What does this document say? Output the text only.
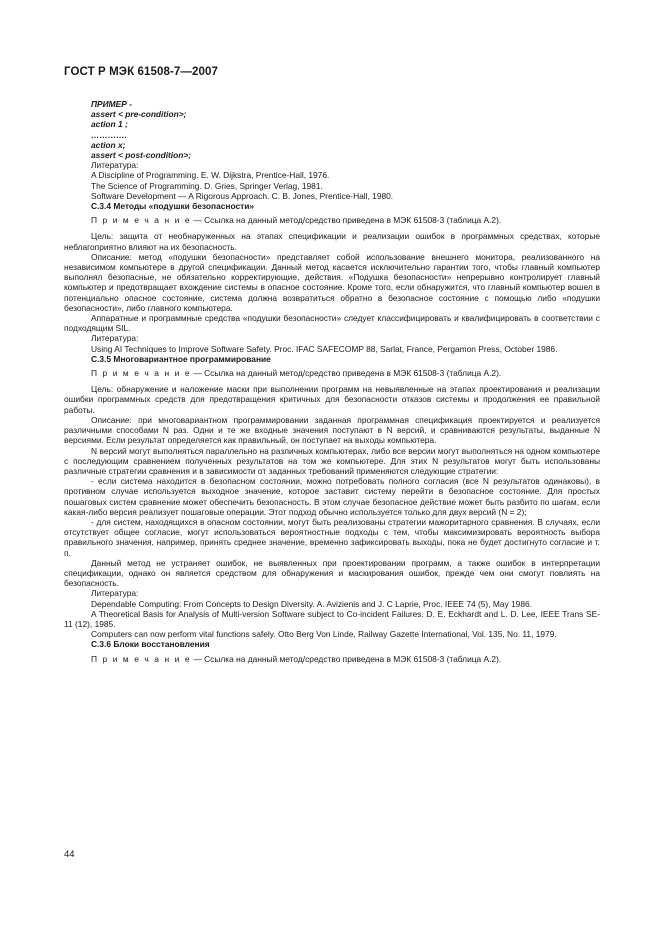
ГОСТ Р МЭК 61508-7—2007
ПРИМЕР -
assert < pre-condition>;
action 1 ;
………….
action x;
assert < post-condition>;

Литература:

A Discipline of Programming. E. W. Dijkstra, Prentice-Hall, 1976.

The Science of Programming. D. Gries, Springer Verlag, 1981.

Software Development — A Rigorous Approach. C. B. Jones, Prentice-Hall, 1980.

С.3.4 Методы «подушки безопасности»
П р и м е ч а н и е — Ссылка на данный метод/средство приведена в МЭК 61508-3 (таблица А.2).

Цель: защита от необнаруженных на этапах спецификации и реализации ошибок в программных средствах, которые неблагоприятно влияют на их безопасность.

Описание: метод «подушки безопасности» представляет собой использование внешнего монитора, реализованного на независимом компьютере в другой спецификации. Данный метод касается исключительно гарантии того, чтобы главный компьютер выполнял безопасные, не обязательно корректирующие, действия. «Подушка безопасности» непрерывно контролирует главный компьютер и предотвращает вхождение системы в опасное состояние. Кроме того, если обнаружится, что главный компьютер вошел в потенциально опасное состояние, система должна возвратиться обратно в безопасное состояние с помощью либо «подушки безопасности», либо главного компьютера.

Аппаратные и программные средства «подушки безопасности» следует классифицировать и квалифицировать в соответствии с подходящим SIL.

Литература:

Using AI Techniques to Improve Software Safety. Proc. IFAC SAFECOMP 88, Sarlat, France, Pergamon Press, October 1986.

С.3.5 Многовариантное программирование
П р и м е ч а н и е — Ссылка на данный метод/средство приведена в МЭК 61508-3 (таблица А.2).

Цель: обнаружение и наложение маски при выполнении программ на невыявленные на этапах проектирования и реализации ошибки программных средств для предотвращения критичных для безопасности отказов системы и продолжения ее правильной работы.

Описание: при многовариантном программировании заданная программная спецификация проектируется и реализуется различными способами N раз. Одни и те же входные значения поступают в N версий, и сравниваются результаты, выданные N версиями. Если результат определяется как правильный, он поступает на выходы компьютера.

N версий могут выполняться параллельно на различных компьютерах, либо все версии могут выполняться на одном компьютере с последующим сравнением полученных результатов на том же компьютере. Для этих N результатов могут быть использованы различные стратегии сравнения и в зависимости от заданных требований применяются следующие стратегии:

- если система находится в безопасном состоянии, можно потребовать полного согласия (все N результатов одинаковы), в противном случае используется выходное значение, которое заставит систему перейти в безопасное состояние. Для простых пошаговых систем сравнение может обеспечить безопасность. В этом случае безопасное действие может быть разбито по шагам, если какая-либо версия реализует пошаговые операции. Этот подход обычно используется только для двух версий (N = 2);

- для систем, находящихся в опасном состоянии, могут быть реализованы стратегии мажоритарного сравнения. В случаях, если отсутствует общее согласие, могут использоваться вероятностные подходы с тем, чтобы максимизировать вероятность выбора правильного значения, например, принять среднее значение, временно зафиксировать выходы, пока не будет достигнуто согласие и т. п.

Данный метод не устраняет ошибок, не выявленных при проектировании программ, а также ошибок в интерпретации спецификации, однако он является средством для обнаружения и маскирования ошибок, прежде чем они смогут повлиять на безопасность.

Литература:

Dependable Computing: From Concepts to Design Diversity. A. Avizienis and J. C Laprie, Proc. IEEE 74 (5), May 1986.

A Theoretical Basis for Analysis of Multi-version Software subject to Co-incident Failures. D. E. Eckhardt and L. D. Lee, IEEE Trans SE-11 (12), 1985.

Computers can now perform vital functions safely. Otto Berg Von Linde, Railway Gazette International, Vol. 135, No. 11, 1979.

С.3.6 Блоки восстановления
П р и м е ч а н и е — Ссылка на данный метод/средство приведена в МЭК 61508-3 (таблица А.2).
44
